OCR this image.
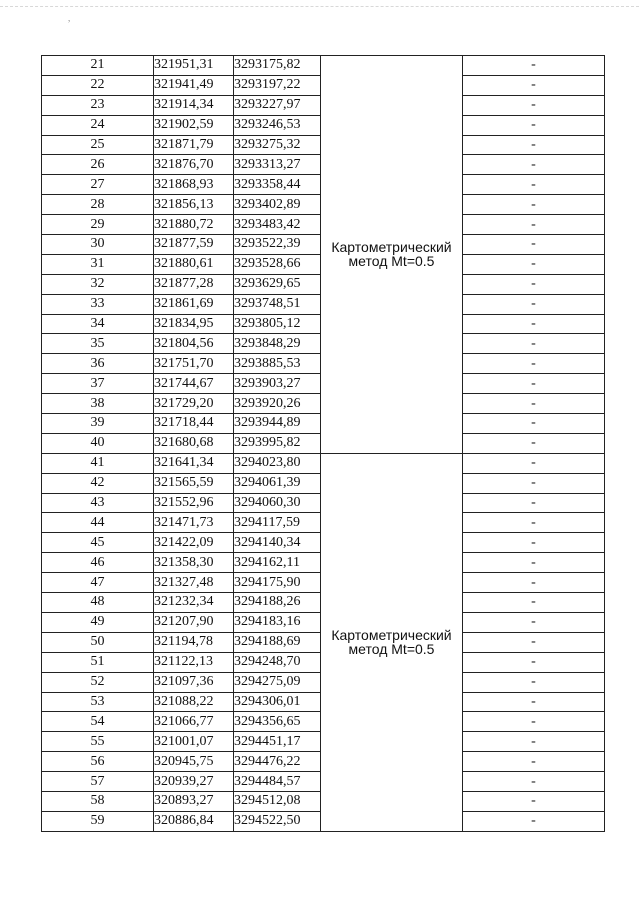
,
21	321951,31	3293175,82	Картометрический
метод Mt=0.5	-
22	321941,49	3293197,22		-
23	321914,34	3293227,97		-
24	321902,59	3293246,53		-
25	321871,79	3293275,32		-
26	321876,70	3293313,27		-
27	321868,93	3293358,44		-
28	321856,13	3293402,89		-
29	321880,72	3293483,42		-
30	321877,59	3293522,39		-
31	321880,61	3293528,66		-
32	321877,28	3293629,65		-
33	321861,69	3293748,51		-
34	321834,95	3293805,12		-
35	321804,56	3293848,29		-
36	321751,70	3293885,53		-
37	321744,67	3293903,27		-
38	321729,20	3293920,26		-
39	321718,44	3293944,89		-
40	321680,68	3293995,82		-
41	321641,34	3294023,80	Картометрический
метод Mt=0.5	-
42	321565,59	3294061,39		-
43	321552,96	3294060,30		-
44	321471,73	3294117,59		-
45	321422,09	3294140,34		-
46	321358,30	3294162,11		-
47	321327,48	3294175,90		-
48	321232,34	3294188,26		-
49	321207,90	3294183,16		-
50	321194,78	3294188,69		-
51	321122,13	3294248,70		-
52	321097,36	3294275,09		-
53	321088,22	3294306,01		-
54	321066,77	3294356,65		-
55	321001,07	3294451,17		-
56	320945,75	3294476,22		-
57	320939,27	3294484,57		-
58	320893,27	3294512,08		-
59	320886,84	3294522,50		-
